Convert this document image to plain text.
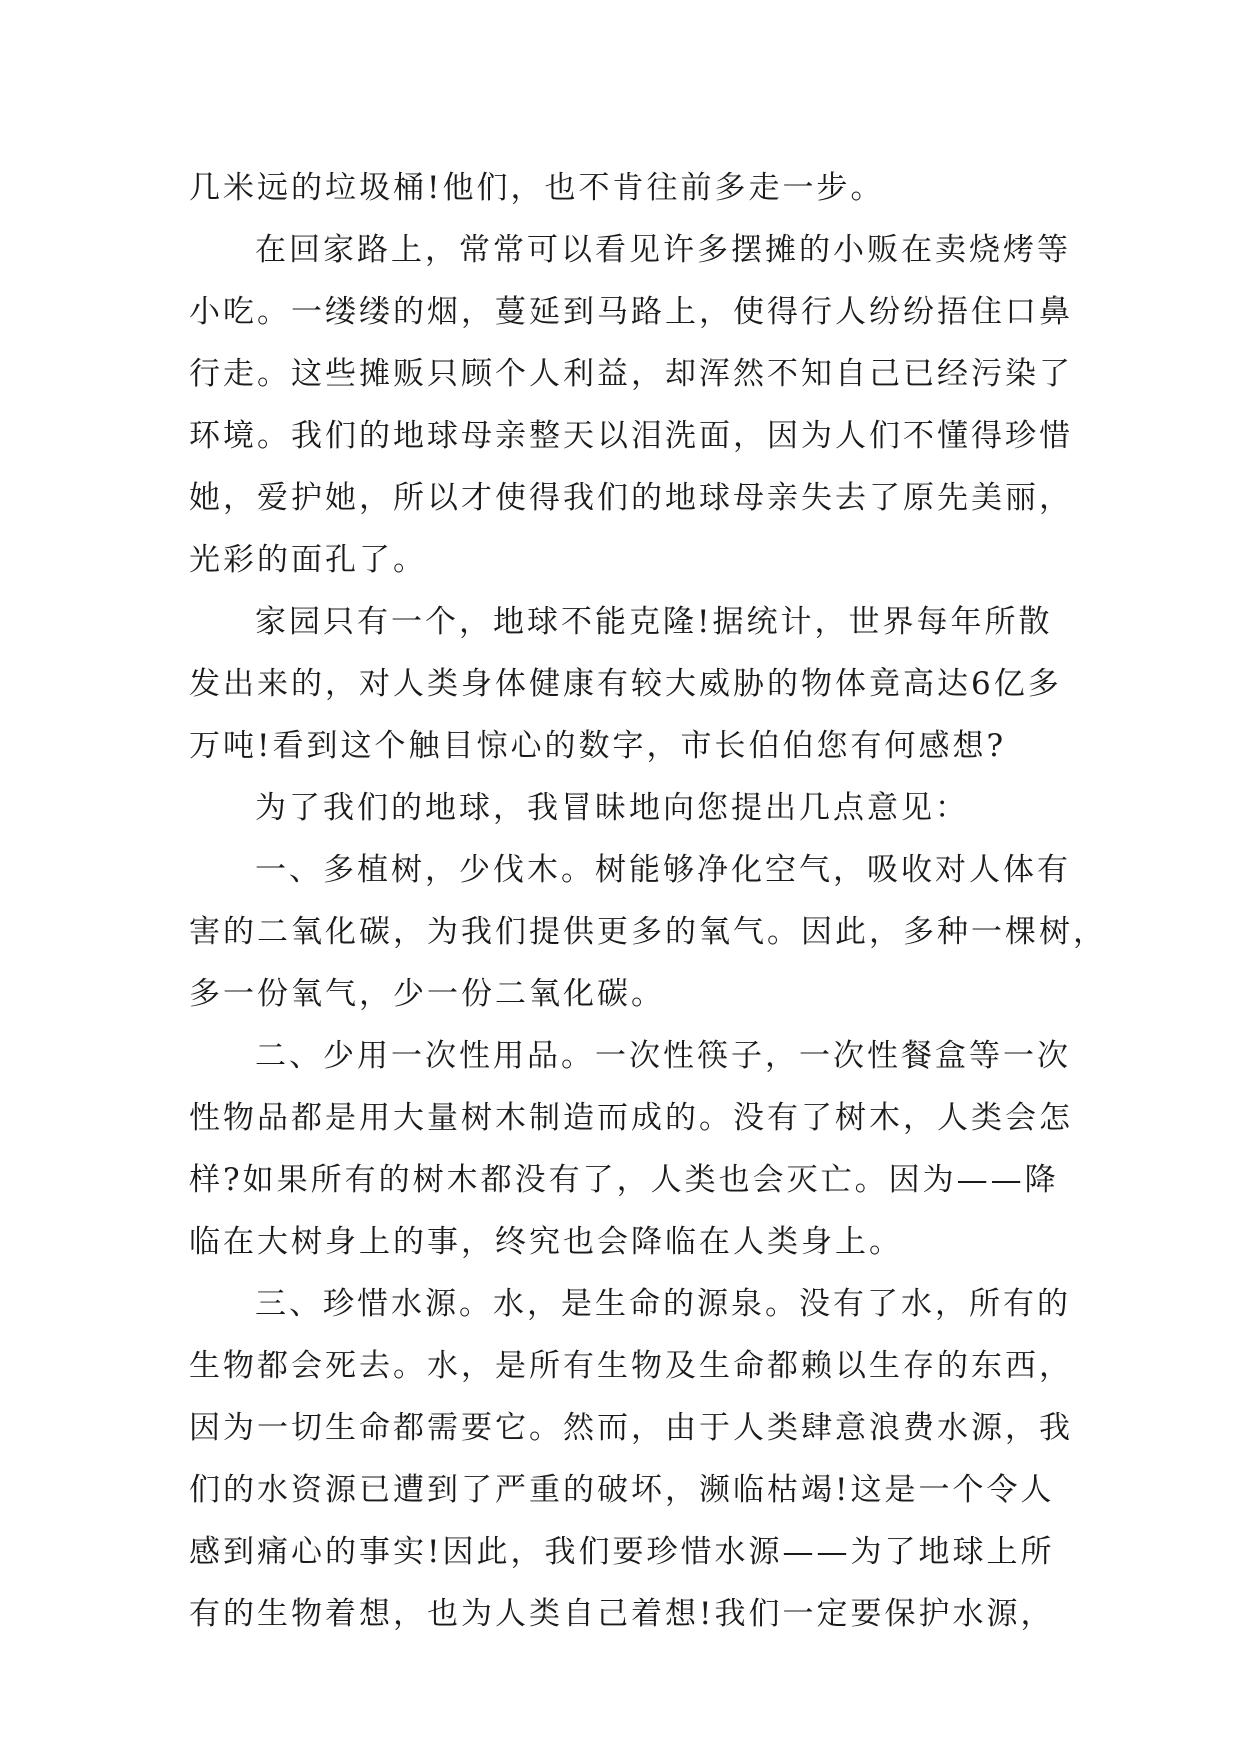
几米远的垃圾桶!他们，也不肯往前多走一步。
在回家路上，常常可以看见许多摆摊的小贩在卖烧烤等
小吃。一缕缕的烟，蔓延到马路上，使得行人纷纷捂住口鼻
行走。这些摊贩只顾个人利益，却浑然不知自己已经污染了
环境。我们的地球母亲整天以泪洗面，因为人们不懂得珍惜
她，爱护她，所以才使得我们的地球母亲失去了原先美丽，
光彩的面孔了。
家园只有一个，地球不能克隆!据统计，世界每年所散
发出来的，对人类身体健康有较大威胁的物体竟高达6亿多
万吨!看到这个触目惊心的数字，市长伯伯您有何感想?
为了我们的地球，我冒昧地向您提出几点意见：
一、多植树，少伐木。树能够净化空气，吸收对人体有
害的二氧化碳，为我们提供更多的氧气。因此，多种一棵树，
多一份氧气，少一份二氧化碳。
二、少用一次性用品。一次性筷子，一次性餐盒等一次
性物品都是用大量树木制造而成的。没有了树木，人类会怎
样?如果所有的树木都没有了，人类也会灭亡。因为——降
临在大树身上的事，终究也会降临在人类身上。
三、珍惜水源。水，是生命的源泉。没有了水，所有的
生物都会死去。水，是所有生物及生命都赖以生存的东西，
因为一切生命都需要它。然而，由于人类肆意浪费水源，我
们的水资源已遭到了严重的破坏，濒临枯竭!这是一个令人
感到痛心的事实!因此，我们要珍惜水源——为了地球上所
有的生物着想，也为人类自己着想!我们一定要保护水源，
